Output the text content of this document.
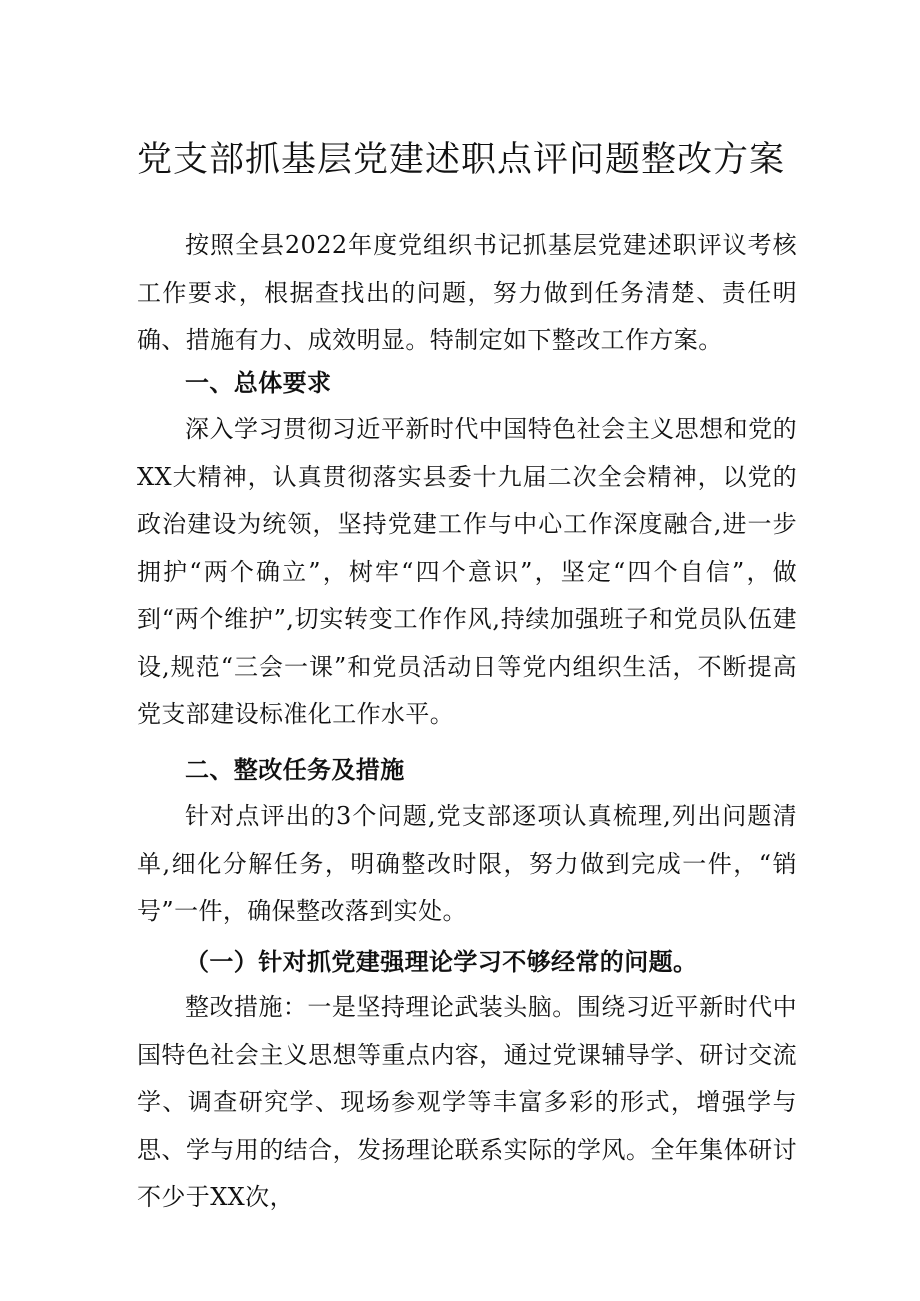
党支部抓基层党建述职点评问题整改方案

按照全县2022年度党组织书记抓基层党建述职评议考核工作要求，根据查找出的问题，努力做到任务清楚、责任明确、措施有力、成效明显。特制定如下整改工作方案。

一、总体要求

深入学习贯彻习近平新时代中国特色社会主义思想和党的XX大精神，认真贯彻落实县委十九届二次全会精神，以党的政治建设为统领，坚持党建工作与中心工作深度融合,进一步拥护“两个确立”，树牢“四个意识”，坚定“四个自信”，做到“两个维护”,切实转变工作作风,持续加强班子和党员队伍建设,规范“三会一课”和党员活动日等党内组织生活，不断提高党支部建设标准化工作水平。

二、整改任务及措施

针对点评出的3个问题,党支部逐项认真梳理,列出问题清单,细化分解任务，明确整改时限，努力做到完成一件，“销号”一件，确保整改落到实处。

（一）针对抓党建强理论学习不够经常的问题。

整改措施：一是坚持理论武装头脑。围绕习近平新时代中国特色社会主义思想等重点内容，通过党课辅导学、研讨交流学、调查研究学、现场参观学等丰富多彩的形式，增强学与思、学与用的结合，发扬理论联系实际的学风。全年集体研讨不少于XX次，
